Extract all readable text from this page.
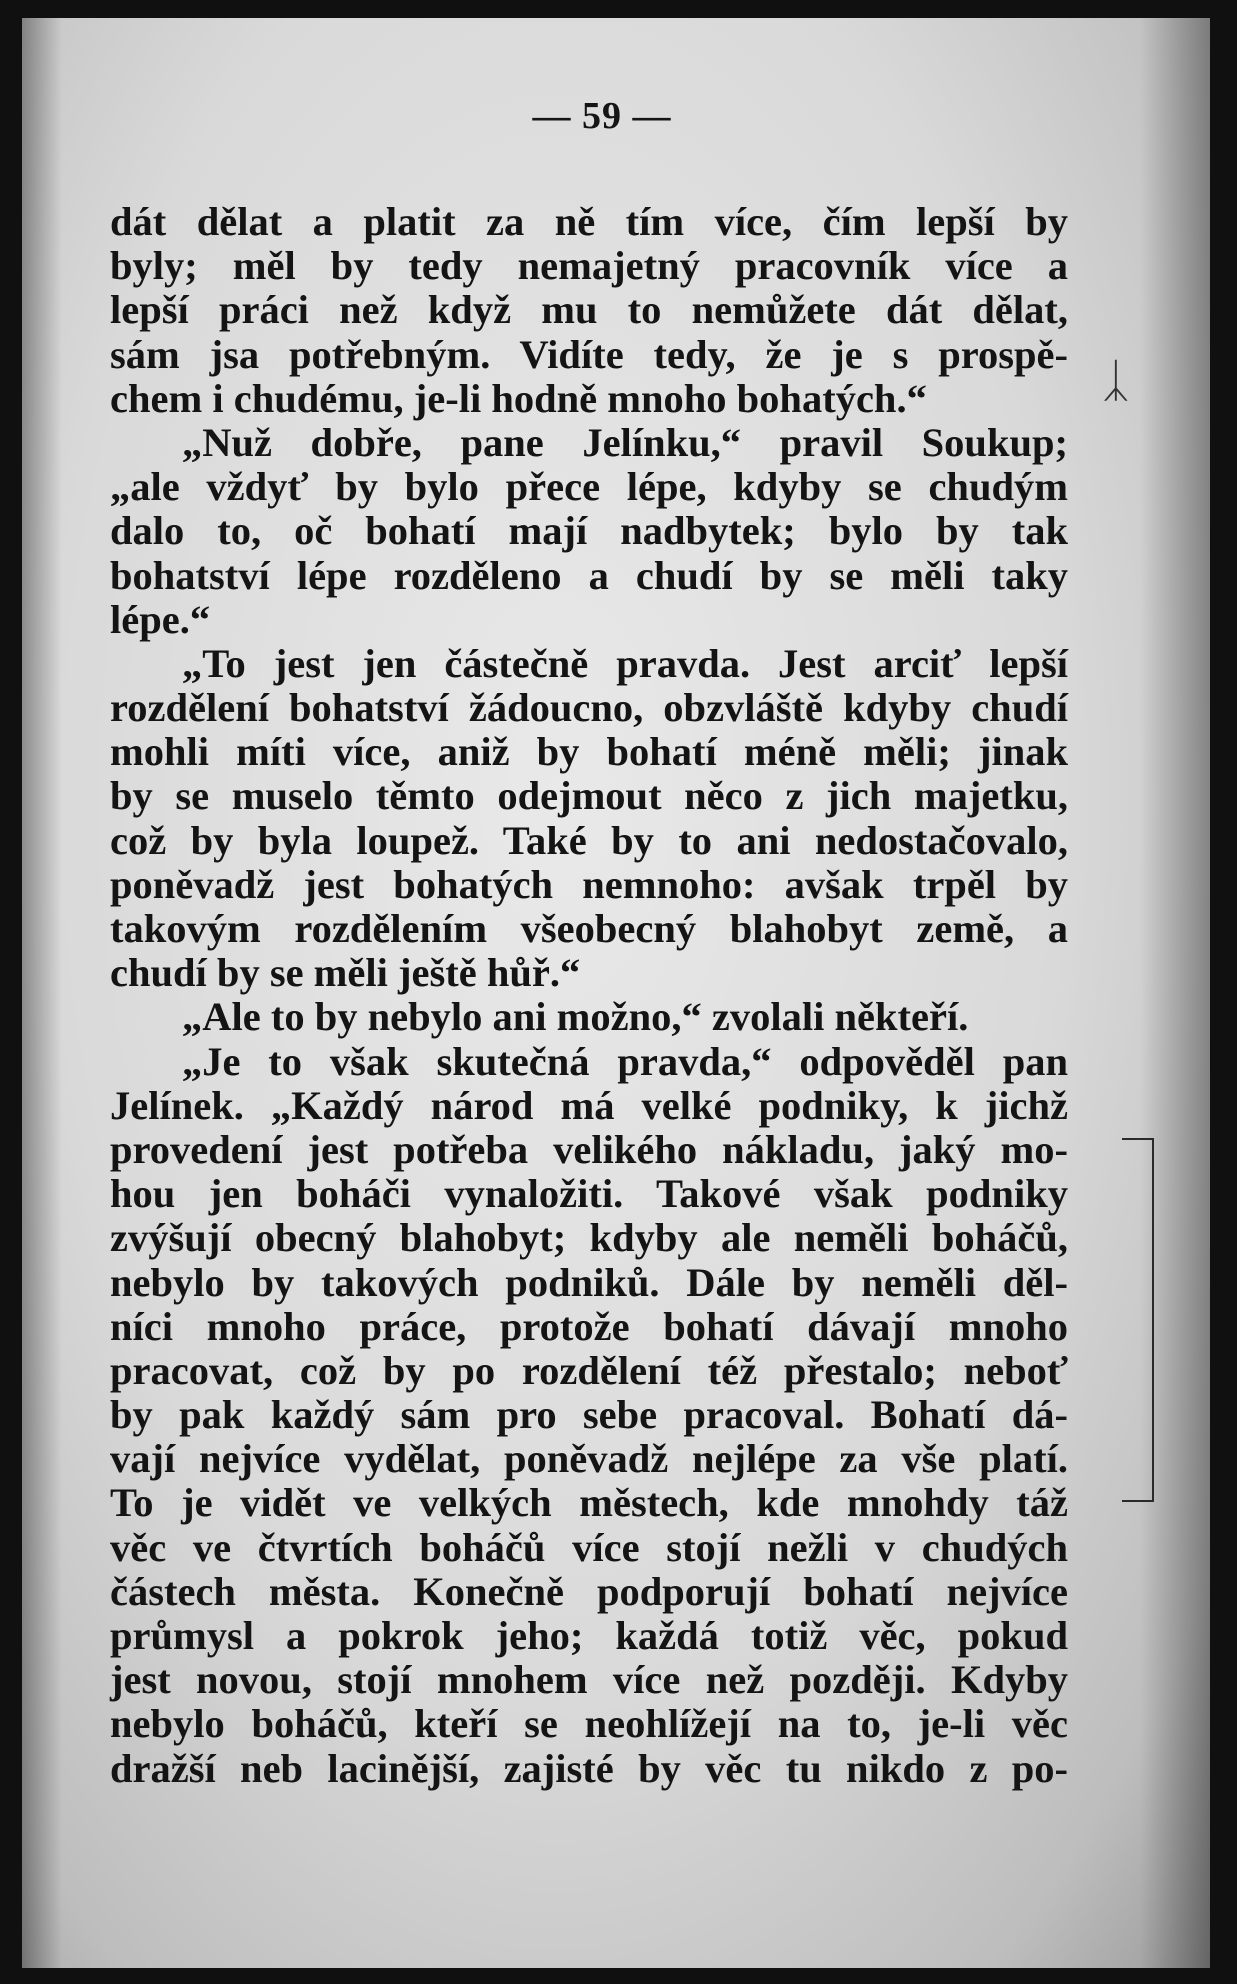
— 59 —
dát dělat a platit za ně tím více, čím lepší by
byly; měl by tedy nemajetný pracovník více a
lepší práci než když mu to nemůžete dát dělat,
sám jsa potřebným. Vidíte tedy, že je s prospě-
chem i chudému, je-li hodně mnoho bohatých.“
„Nuž dobře, pane Jelínku,“ pravil Soukup;
„ale vždyť by bylo přece lépe, kdyby se chudým
dalo to, oč bohatí mají nadbytek; bylo by tak
bohatství lépe rozděleno a chudí by se měli taky
lépe.“
„To jest jen částečně pravda. Jest arciť lepší
rozdělení bohatství žádoucno, obzvláště kdyby chudí
mohli míti více, aniž by bohatí méně měli; jinak
by se muselo těmto odejmout něco z jich majetku,
což by byla loupež. Také by to ani nedostačovalo,
poněvadž jest bohatých nemnoho: avšak trpěl by
takovým rozdělením všeobecný blahobyt země, a
chudí by se měli ještě hůř.“
„Ale to by nebylo ani možno,“ zvolali někteří.
„Je to však skutečná pravda,“ odpověděl pan
Jelínek. „Každý národ má velké podniky, k jichž
provedení jest potřeba velikého nákladu, jaký mo-
hou jen boháči vynaložiti. Takové však podniky
zvýšují obecný blahobyt; kdyby ale neměli boháčů,
nebylo by takových podniků. Dále by neměli děl-
níci mnoho práce, protože bohatí dávají mnoho
pracovat, což by po rozdělení též přestalo; neboť
by pak každý sám pro sebe pracoval. Bohatí dá-
vají nejvíce vydělat, poněvadž nejlépe za vše platí.
To je vidět ve velkých městech, kde mnohdy táž
věc ve čtvrtích boháčů více stojí nežli v chudých
částech města. Konečně podporují bohatí nejvíce
průmysl a pokrok jeho; každá totiž věc, pokud
jest novou, stojí mnohem více než později. Kdyby
nebylo boháčů, kteří se neohlížejí na to, je-li věc
dražší neb lacinější, zajisté by věc tu nikdo z po-
ᛣ
